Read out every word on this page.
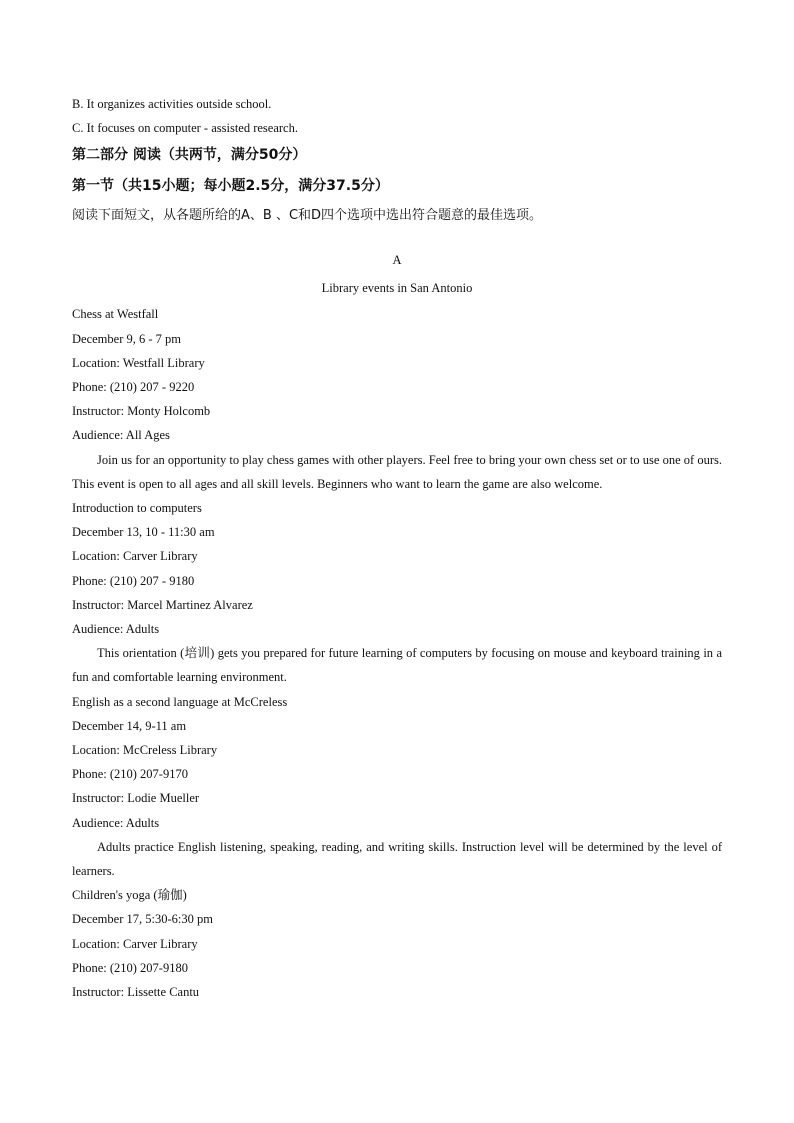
B. It organizes activities outside school.
C. It focuses on computer - assisted research.
第二部分 阅读（共两节，满分50分）
第一节（共15小题；每小题2.5分，满分37.5分）
阅读下面短文，从各题所给的A、B 、C和D四个选项中选出符合题意的最佳选项。
A
Library events in San Antonio
Chess at Westfall
December 9, 6 - 7 pm
Location: Westfall Library
Phone: (210) 207 - 9220
Instructor: Monty Holcomb
Audience: All Ages
Join us for an opportunity to play chess games with other players. Feel free to bring your own chess set or to use one of ours. This event is open to all ages and all skill levels. Beginners who want to learn the game are also welcome.
Introduction to computers
December 13, 10 - 11:30 am
Location: Carver Library
Phone: (210) 207 - 9180
Instructor: Marcel Martinez Alvarez
Audience: Adults
This orientation (培训) gets you prepared for future learning of computers by focusing on mouse and keyboard training in a fun and comfortable learning environment.
English as a second language at McCreless
December 14, 9-11 am
Location: McCreless Library
Phone: (210) 207-9170
Instructor: Lodie Mueller
Audience: Adults
Adults practice English listening, speaking, reading, and writing skills. Instruction level will be determined by the level of learners.
Children's yoga (瑜伽)
December 17, 5:30-6:30 pm
Location: Carver Library
Phone: (210) 207-9180
Instructor: Lissette Cantu
